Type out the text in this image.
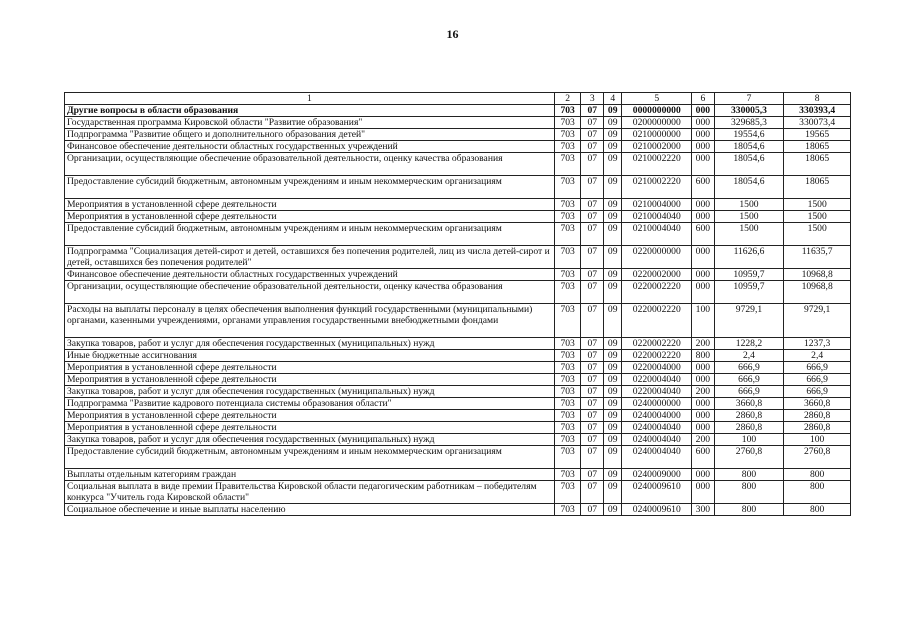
16
1	2	3	4	5	6	7	8
Другие вопросы в области образования	703	07	09	0000000000	000	330005,3	330393,4
Государственная программа Кировской области "Развитие образования"	703	07	09	0200000000	000	329685,3	330073,4
Подпрограмма "Развитие общего и дополнительного образования детей"	703	07	09	0210000000	000	19554,6	19565
Финансовое обеспечение деятельности областных государственных учреждений	703	07	09	0210002000	000	18054,6	18065
Организации, осуществляющие обеспечение образовательной деятельности, оценку качества образования	703	07	09	0210002220	000	18054,6	18065
Предоставление субсидий бюджетным, автономным учреждениям и иным некоммерческим организациям	703	07	09	0210002220	600	18054,6	18065
Мероприятия в установленной сфере деятельности	703	07	09	0210004000	000	1500	1500
Мероприятия в установленной сфере деятельности	703	07	09	0210004040	000	1500	1500
Предоставление субсидий бюджетным, автономным учреждениям и иным некоммерческим организациям	703	07	09	0210004040	600	1500	1500
Подпрограмма "Социализация детей-сирот и детей, оставшихся без попечения родителей, лиц из числа детей-сирот и детей, оставшихся без попечения родителей"	703	07	09	0220000000	000	11626,6	11635,7
Финансовое обеспечение деятельности областных государственных учреждений	703	07	09	0220002000	000	10959,7	10968,8
Организации, осуществляющие обеспечение образовательной деятельности, оценку качества образования	703	07	09	0220002220	000	10959,7	10968,8
Расходы на выплаты персоналу в целях обеспечения выполнения функций государственными (муниципальными) органами, казенными учреждениями, органами управления государственными внебюджетными фондами	703	07	09	0220002220	100	9729,1	9729,1
Закупка товаров, работ и услуг для обеспечения государственных (муниципальных) нужд	703	07	09	0220002220	200	1228,2	1237,3
Иные бюджетные ассигнования	703	07	09	0220002220	800	2,4	2,4
Мероприятия в установленной сфере деятельности	703	07	09	0220004000	000	666,9	666,9
Мероприятия в установленной сфере деятельности	703	07	09	0220004040	000	666,9	666,9
Закупка товаров, работ и услуг для обеспечения государственных (муниципальных) нужд	703	07	09	0220004040	200	666,9	666,9
Подпрограмма "Развитие кадрового потенциала системы образования области"	703	07	09	0240000000	000	3660,8	3660,8
Мероприятия в установленной сфере деятельности	703	07	09	0240004000	000	2860,8	2860,8
Мероприятия в установленной сфере деятельности	703	07	09	0240004040	000	2860,8	2860,8
Закупка товаров, работ и услуг для обеспечения государственных (муниципальных) нужд	703	07	09	0240004040	200	100	100
Предоставление субсидий бюджетным, автономным учреждениям и иным некоммерческим организациям	703	07	09	0240004040	600	2760,8	2760,8
Выплаты отдельным категориям граждан	703	07	09	0240009000	000	800	800
Социальная выплата в виде премии Правительства Кировской области педагогическим работникам – победителям конкурса "Учитель года Кировской области"	703	07	09	0240009610	000	800	800
Социальное обеспечение и иные выплаты населению	703	07	09	0240009610	300	800	800
